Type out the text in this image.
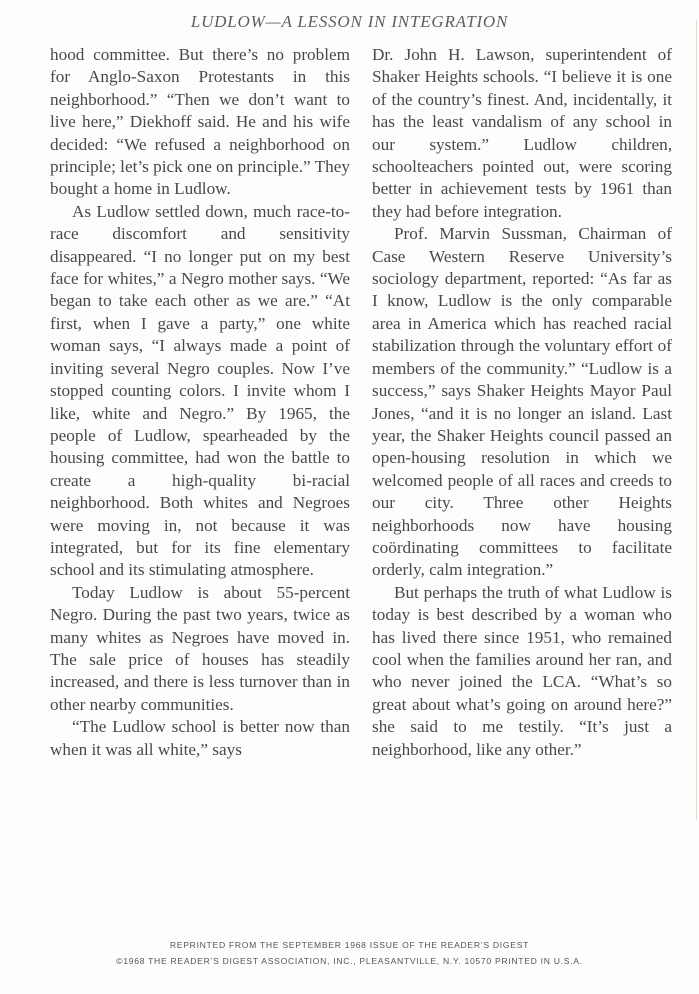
LUDLOW—A LESSON IN INTEGRATION

hood committee. But there’s no problem for Anglo-Saxon Protestants in this neighborhood.” “Then we don’t want to live here,” Diekhoff said. He and his wife decided: “We refused a neighborhood on principle; let’s pick one on principle.” They bought a home in Ludlow.

As Ludlow settled down, much race-to-race discomfort and sensitivity disappeared. “I no longer put on my best face for whites,” a Negro mother says. “We began to take each other as we are.” “At first, when I gave a party,” one white woman says, “I always made a point of inviting several Negro couples. Now I’ve stopped counting colors. I invite whom I like, white and Negro.” By 1965, the people of Ludlow, spearheaded by the housing committee, had won the battle to create a high-quality bi-racial neighborhood. Both whites and Negroes were moving in, not because it was integrated, but for its fine elementary school and its stimulating atmosphere.

Today Ludlow is about 55-percent Negro. During the past two years, twice as many whites as Negroes have moved in. The sale price of houses has steadily increased, and there is less turnover than in other nearby communities.

“The Ludlow school is better now than when it was all white,” says

Dr. John H. Lawson, superintendent of Shaker Heights schools. “I believe it is one of the country’s finest. And, incidentally, it has the least vandalism of any school in our system.” Ludlow children, schoolteachers pointed out, were scoring better in achievement tests by 1961 than they had before integration.

Prof. Marvin Sussman, Chairman of Case Western Reserve University’s sociology department, reported: “As far as I know, Ludlow is the only comparable area in America which has reached racial stabilization through the voluntary effort of members of the community.” “Ludlow is a success,” says Shaker Heights Mayor Paul Jones, “and it is no longer an island. Last year, the Shaker Heights council passed an open-housing resolution in which we welcomed people of all races and creeds to our city. Three other Heights neighborhoods now have housing coördinating committees to facilitate orderly, calm integration.”

But perhaps the truth of what Ludlow is today is best described by a woman who has lived there since 1951, who remained cool when the families around her ran, and who never joined the LCA. “What’s so great about what’s going on around here?” she said to me testily. “It’s just a neighborhood, like any other.”

REPRINTED FROM THE SEPTEMBER 1968 ISSUE OF THE READER’S DIGEST
©1968 THE READER’S DIGEST ASSOCIATION, INC., PLEASANTVILLE, N.Y. 10570 PRINTED IN U.S.A.
